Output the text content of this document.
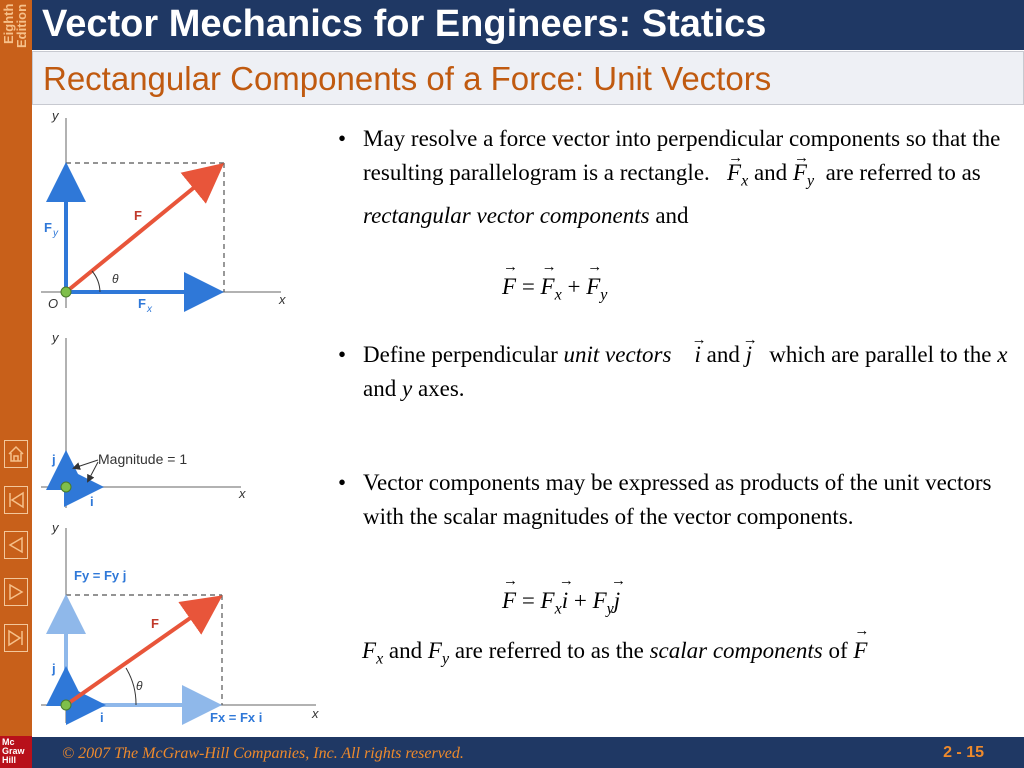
Eighth Edition
Mc
Graw
Hill
Vector Mechanics for Engineers: Statics
Rectangular Components of a Force: Unit Vectors
y
x
O
F
F y
F x
θ
y
x
j
i
Magnitude = 1
y
x
Fy = Fy j
F
j
i	Fx = Fx i
θ
• May resolve a force vector into perpendicular components so that the resulting parallelogram is a rectangle. → $F_x$ and → $F_y$ are referred to as rectangular vector components and
→ F = → $F_x$ + → $F_y$
• Define perpendicular unit vectors → i and → j which are parallel to the x and y axes.
• Vector components may be expressed as products of the unit vectors with the scalar magnitudes of the vector components.
→ $F = F_x\to i + F_y\to j$
$F_x$ and $F_y$ are referred to as the scalar components of → F
© 2007 The McGraw-Hill Companies, Inc. All rights reserved.	2 - 15
